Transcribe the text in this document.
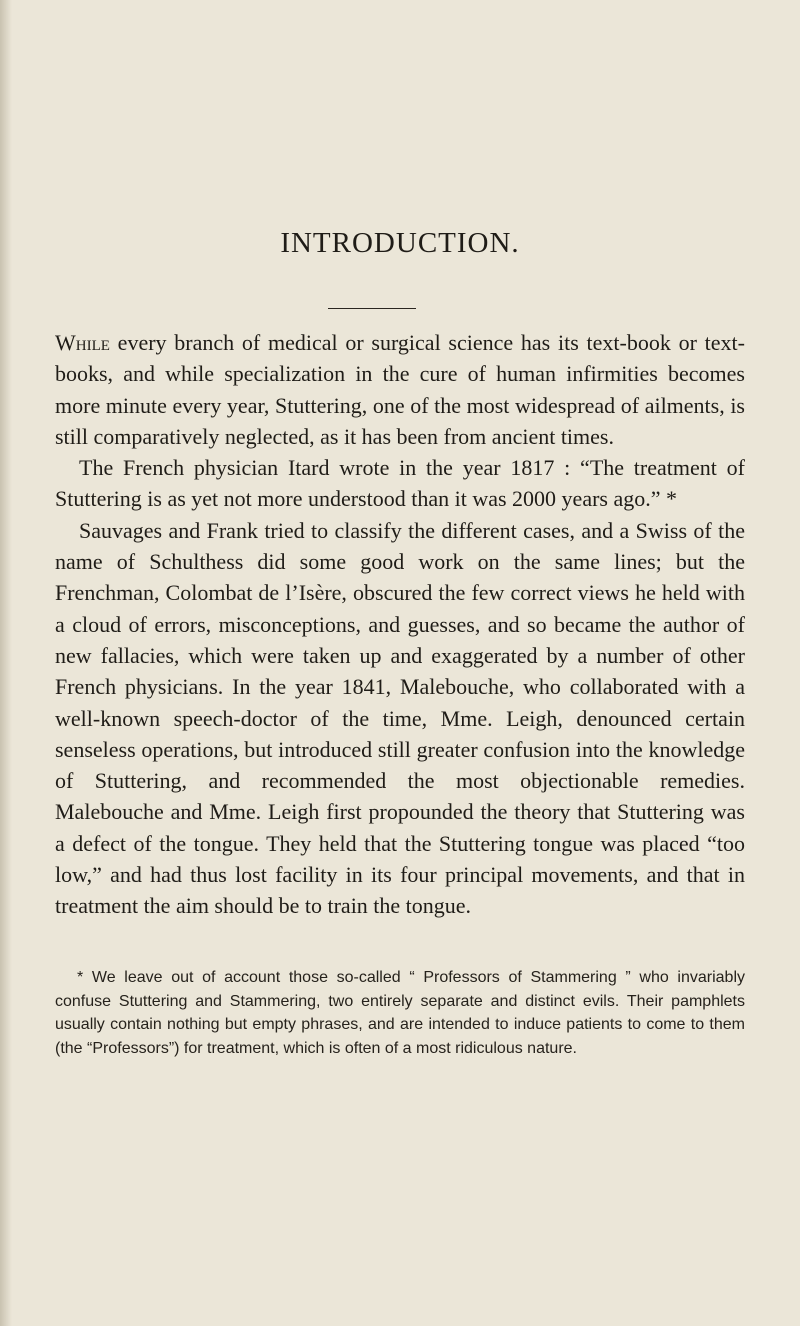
INTRODUCTION.

While every branch of medical or surgical science has its text-book or text-books, and while specialization in the cure of human infirmities becomes more minute every year, Stuttering, one of the most widespread of ailments, is still comparatively neglected, as it has been from ancient times.

The French physician Itard wrote in the year 1817 : “The treatment of Stuttering is as yet not more understood than it was 2000 years ago.” *

Sauvages and Frank tried to classify the different cases, and a Swiss of the name of Schulthess did some good work on the same lines; but the Frenchman, Colombat de l’Isère, obscured the few correct views he held with a cloud of errors, misconceptions, and guesses, and so became the author of new fallacies, which were taken up and exaggerated by a number of other French physicians. In the year 1841, Malebouche, who collaborated with a well-known speech-doctor of the time, Mme. Leigh, denounced certain senseless operations, but introduced still greater confusion into the knowledge of Stuttering, and recommended the most objectionable remedies. Malebouche and Mme. Leigh first propounded the theory that Stuttering was a defect of the tongue. They held that the Stuttering tongue was placed “too low,” and had thus lost facility in its four principal movements, and that in treatment the aim should be to train the tongue.

* We leave out of account those so-called “ Professors of Stammering ” who invariably confuse Stuttering and Stammering, two entirely separate and distinct evils. Their pamphlets usually contain nothing but empty phrases, and are intended to induce patients to come to them (the “Professors”) for treatment, which is often of a most ridiculous nature.
